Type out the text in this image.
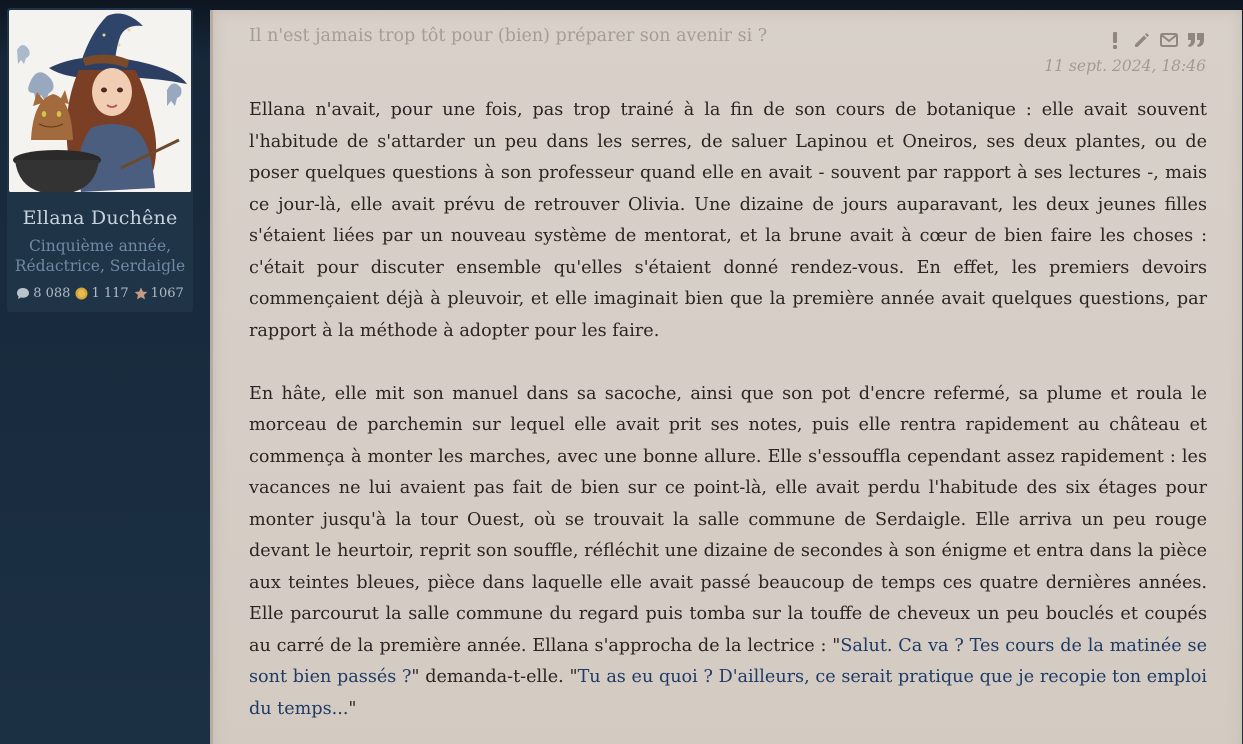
Ellana Duchêne
Cinquième année,
Rédactrice, Serdaigle
8 088 1 117 1067
Il n'est jamais trop tôt pour (bien) préparer son avenir si ?
11 sept. 2024, 18:46

Ellana n'avait, pour une fois, pas trop trainé à la fin de son cours de botanique : elle avait souvent l'habitude de s'attarder un peu dans les serres, de saluer Lapinou et Oneiros, ses deux plantes, ou de poser quelques questions à son professeur quand elle en avait - souvent par rapport à ses lectures -, mais ce jour-là, elle avait prévu de retrouver Olivia. Une dizaine de jours auparavant, les deux jeunes filles s'étaient liées par un nouveau système de mentorat, et la brune avait à cœur de bien faire les choses : c'était pour discuter ensemble qu'elles s'étaient donné rendez-vous. En effet, les premiers devoirs commençaient déjà à pleuvoir, et elle imaginait bien que la première année avait quelques questions, par rapport à la méthode à adopter pour les faire.

En hâte, elle mit son manuel dans sa sacoche, ainsi que son pot d'encre refermé, sa plume et roula le morceau de parchemin sur lequel elle avait prit ses notes, puis elle rentra rapidement au château et commença à monter les marches, avec une bonne allure. Elle s'essouffla cependant assez rapidement : les vacances ne lui avaient pas fait de bien sur ce point-là, elle avait perdu l'habitude des six étages pour monter jusqu'à la tour Ouest, où se trouvait la salle commune de Serdaigle. Elle arriva un peu rouge devant le heurtoir, reprit son souffle, réfléchit une dizaine de secondes à son énigme et entra dans la pièce aux teintes bleues, pièce dans laquelle elle avait passé beaucoup de temps ces quatre dernières années. Elle parcourut la salle commune du regard puis tomba sur la touffe de cheveux un peu bouclés et coupés au carré de la première année. Ellana s'approcha de la lectrice : "Salut. Ca va ? Tes cours de la matinée se sont bien passés ?" demanda-t-elle. "Tu as eu quoi ? D'ailleurs, ce serait pratique que je recopie ton emploi du temps..."
